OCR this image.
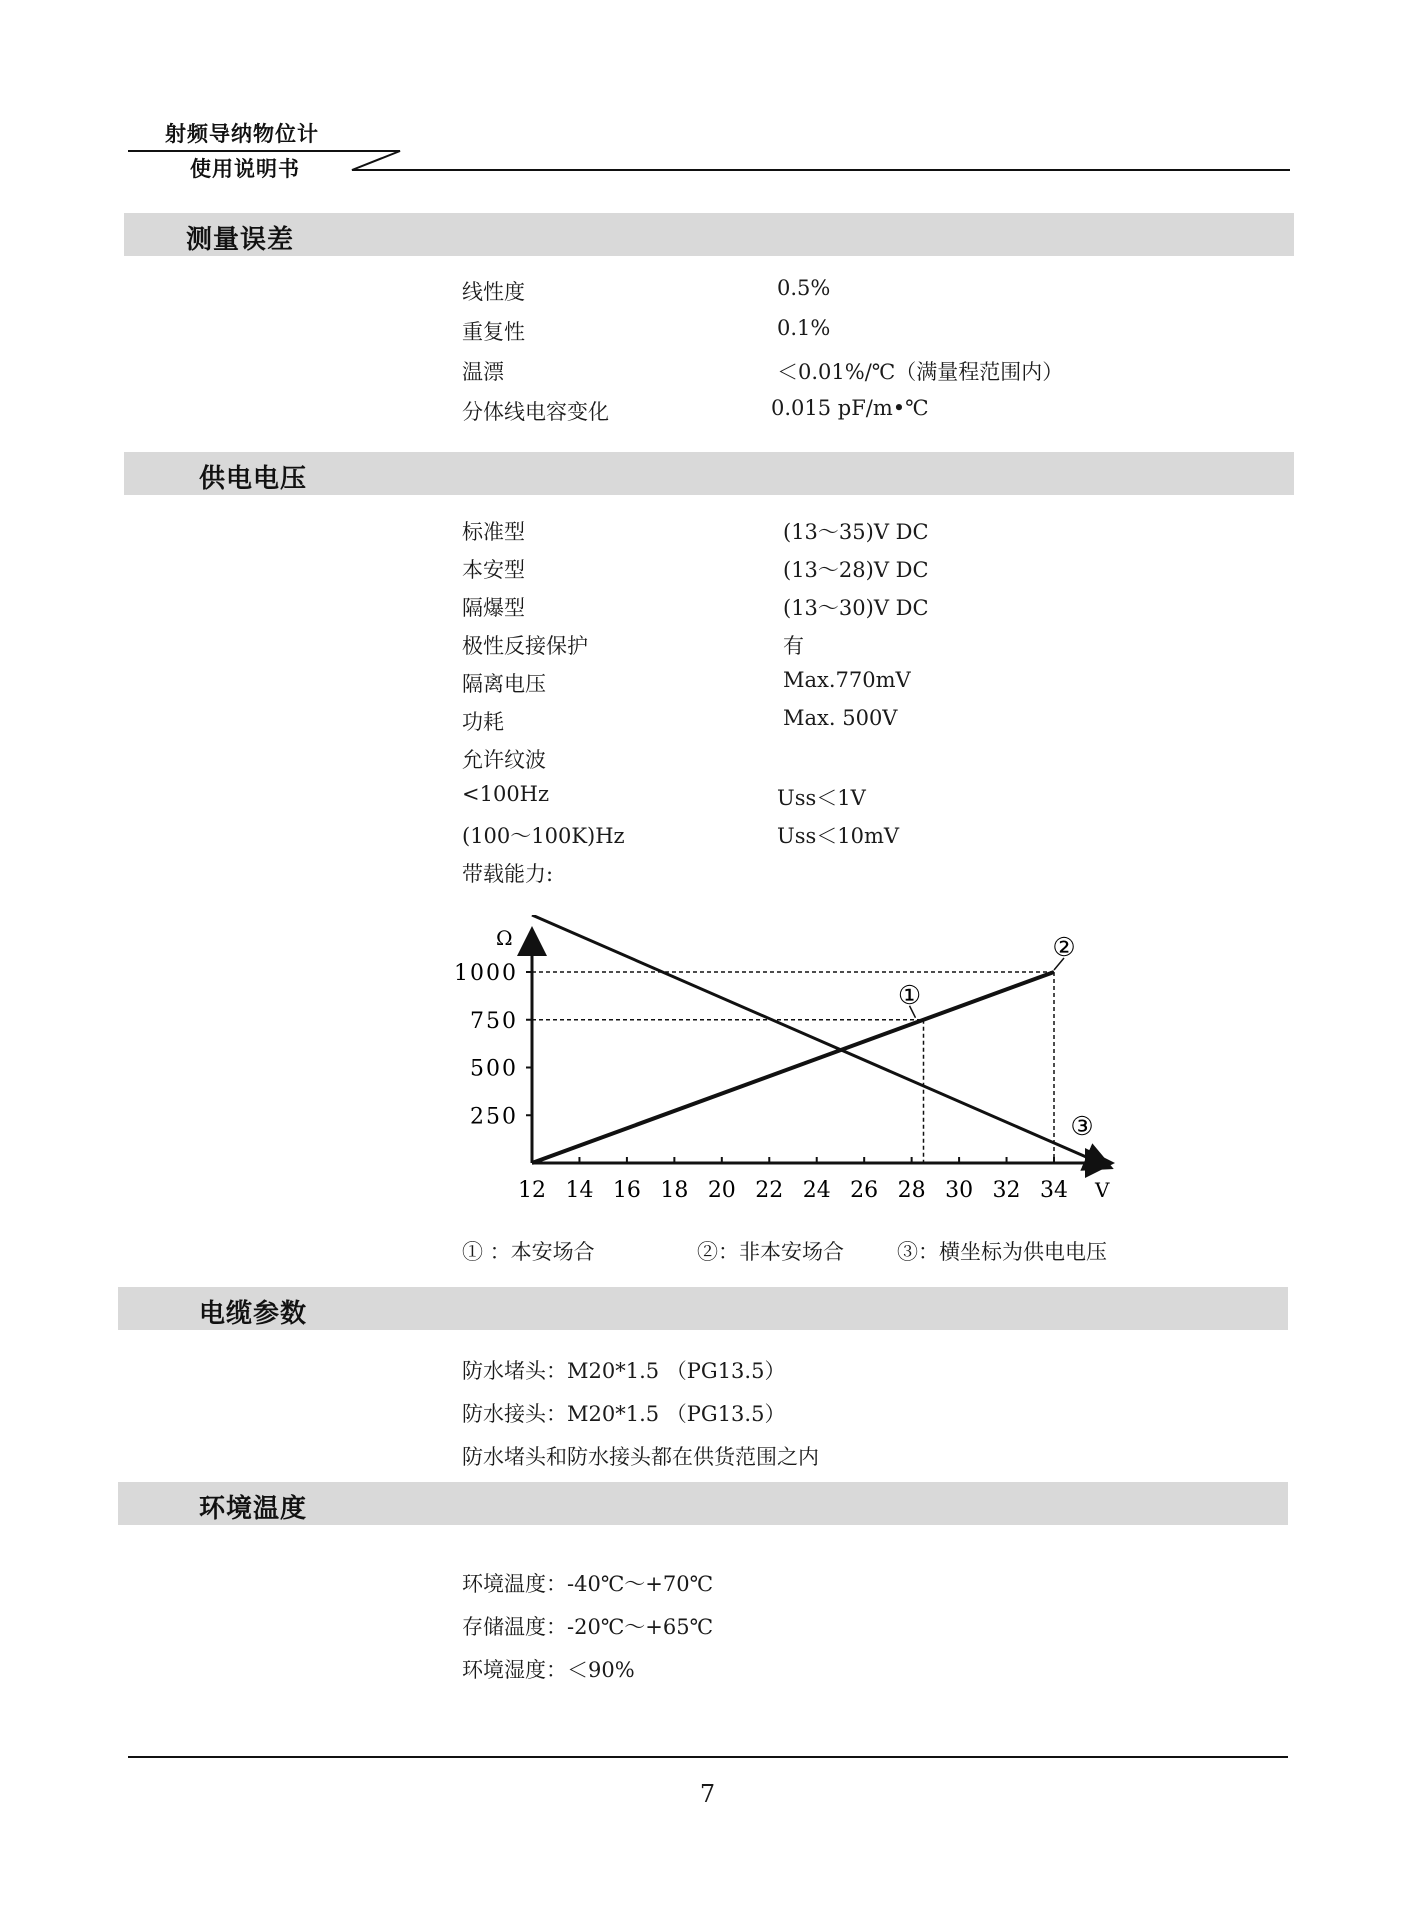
射频导纳物位计
使用说明书
测量误差
线性度	0.5%
重复性	0.1%
温漂	＜0.01%/℃（满量程范围内）
分体线电容变化	0.015 pF/m•℃
供电电压
标准型	(13～35)V DC
本安型	(13～28)V DC
隔爆型	(13～30)V DC
极性反接保护	有
隔离电压	Max.770mV
功耗	Max. 500V
允许纹波
<100Hz	Uss＜1V
(100～100K)Hz	Uss＜10mV
带载能力:
Ω
V
250
500
750
1000
12 14 16 18 20 22 24 26 28 30 32 34
①
②
③
① ：本安场合	②：非本安场合	③：横坐标为供电电压
电缆参数
防水堵头：M20*1.5 （PG13.5）
防水接头：M20*1.5 （PG13.5）
防水堵头和防水接头都在供货范围之内
环境温度
环境温度：-40℃～+70℃
存储温度：-20℃～+65℃
环境湿度：＜90%
7
